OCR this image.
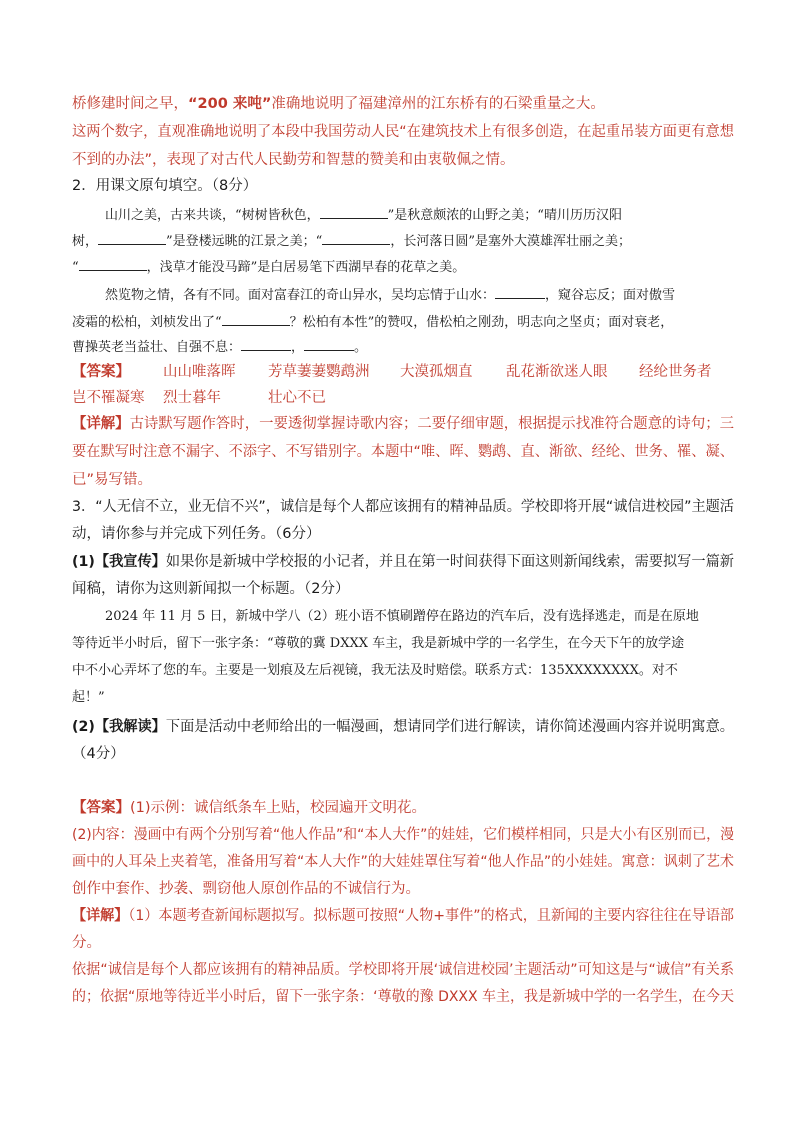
桥修建时间之早，“200 来吨”准确地说明了福建漳州的江东桥有的石梁重量之大。
这两个数字，直观准确地说明了本段中我国劳动人民“在建筑技术上有很多创造，在起重吊装方面更有意想
不到的办法”，表现了对古代人民勤劳和智慧的赞美和由衷敬佩之情。
2．用课文原句填空。（8分）
山川之美，古来共谈，“树树皆秋色，	”是秋意颇浓的山野之美；“晴川历历汉阳
树，	”是登楼远眺的江景之美；“	，长河落日圆”是塞外大漠雄浑壮丽之美；
“	，浅草才能没马蹄”是白居易笔下西湖早春的花草之美。
然览物之情，各有不同。面对富春江的奇山异水，吴均忘情于山水：	，窥谷忘反；面对傲雪
凌霜的松柏，刘桢发出了“	？松柏有本性”的赞叹，借松柏之刚劲，明志向之坚贞；面对衰老，
曹操英老当益壮、自强不息：	，	。
【答案】 山山唯落晖 芳草萋萋鹦鹉洲 大漠孤烟直 乱花渐欲迷人眼 经纶世务者
岂不罹凝寒 烈士暮年	壮心不已
【详解】古诗默写题作答时，一要透彻掌握诗歌内容；二要仔细审题，根据提示找准符合题意的诗句；三
要在默写时注意不漏字、不添字、不写错别字。本题中“唯、晖、鹦鹉、直、渐欲、经纶、世务、罹、凝、
已”易写错。
3．“人无信不立，业无信不兴”，诚信是每个人都应该拥有的精神品质。学校即将开展“诚信进校园”主题活
动，请你参与并完成下列任务。（6分）
(1)【我宣传】如果你是新城中学校报的小记者，并且在第一时间获得下面这则新闻线索，需要拟写一篇新
闻稿，请你为这则新闻拟一个标题。（2分）
2024 年 11 月 5 日，新城中学八（2）班小语不慎刷蹭停在路边的汽车后，没有选择逃走，而是在原地
等待近半小时后，留下一张字条：“尊敬的冀 DXXX 车主，我是新城中学的一名学生，在今天下午的放学途
中不小心弄坏了您的车。主要是一划痕及左后视镜，我无法及时赔偿。联系方式：135XXXXXXXX。对不
起！”
(2)【我解读】下面是活动中老师给出的一幅漫画，想请同学们进行解读，请你简述漫画内容并说明寓意。
（4分）
【答案】(1)示例：诚信纸条车上贴，校园遍开文明花。
(2)内容：漫画中有两个分别写着“他人作品”和“本人大作”的娃娃，它们模样相同，只是大小有区别而已，漫
画中的人耳朵上夹着笔，准备用写着“本人大作”的大娃娃罩住写着“他人作品”的小娃娃。寓意：讽刺了艺术
创作中套作、抄袭、剽窃他人原创作品的不诚信行为。
【详解】（1）本题考查新闻标题拟写。拟标题可按照“人物+事件”的格式，且新闻的主要内容往往在导语部
分。
依据“诚信是每个人都应该拥有的精神品质。学校即将开展‘诚信进校园’主题活动”可知这是与“诚信”有关系
的；依据“原地等待近半小时后，留下一张字条：‘尊敬的豫 DXXX 车主，我是新城中学的一名学生，在今天
